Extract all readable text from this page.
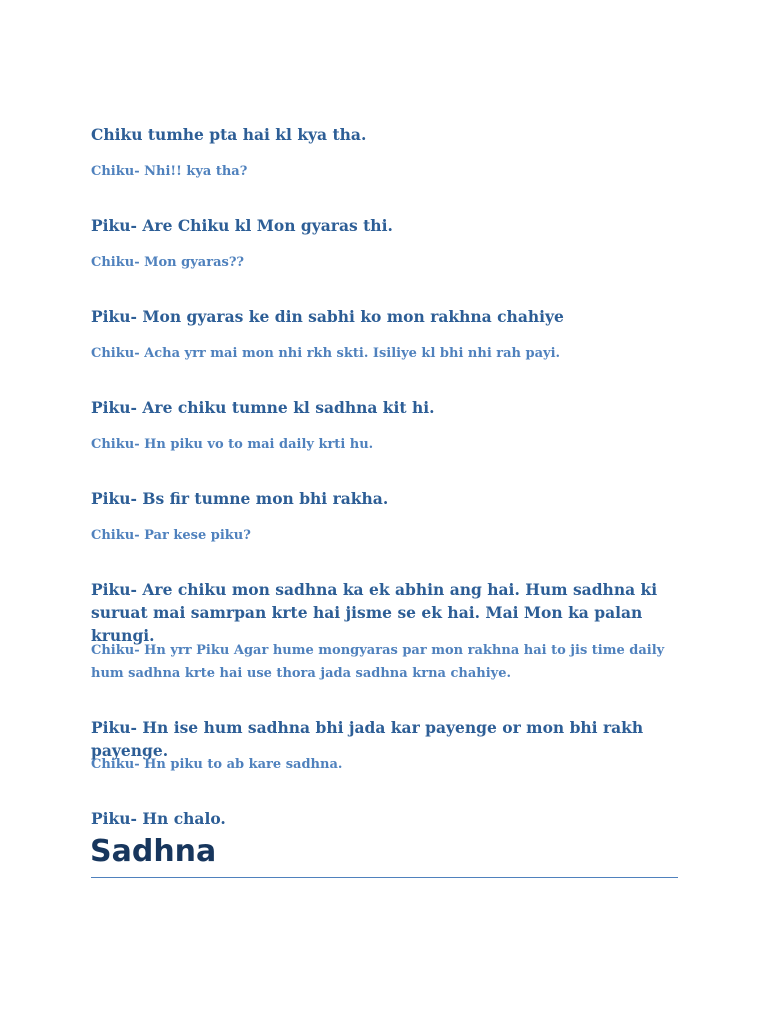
Chiku tumhe pta hai kl kya tha.

Chiku- Nhi!! kya tha?

Piku- Are Chiku kl Mon gyaras thi.

Chiku- Mon gyaras??

Piku- Mon gyaras ke din sabhi ko mon rakhna chahiye

Chiku- Acha yrr mai mon nhi rkh skti. Isiliye kl bhi nhi rah payi.

Piku- Are chiku tumne kl sadhna kit hi.

Chiku- Hn piku vo to mai daily krti hu.

Piku- Bs fir tumne mon bhi rakha.

Chiku- Par kese piku?

Piku- Are chiku mon sadhna ka ek abhin ang hai. Hum sadhna ki suruat mai samrpan krte hai jisme se ek hai. Mai Mon ka palan krungi.

Chiku- Hn yrr Piku Agar hume mongyaras par mon rakhna hai to jis time daily hum sadhna krte hai use thora jada sadhna krna chahiye.

Piku- Hn ise hum sadhna bhi jada kar payenge or mon bhi rakh payenge.

Chiku- Hn piku to ab kare sadhna.

Piku- Hn chalo.

Sadhna
